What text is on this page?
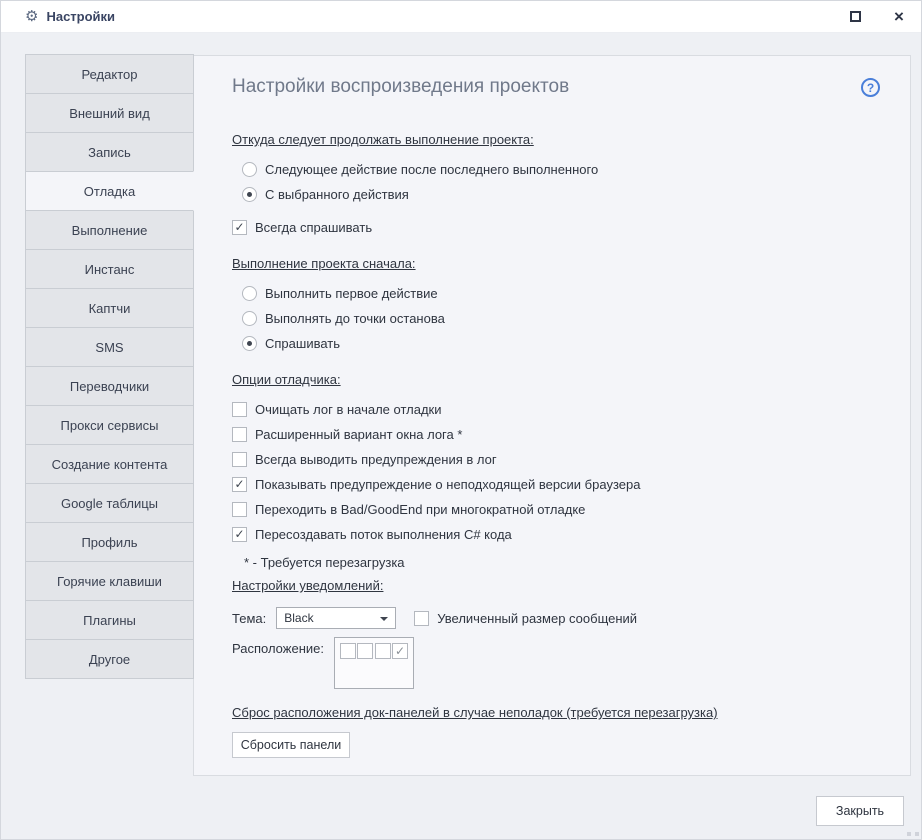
⚙ Настройки	×
Редактор
Внешний вид
Запись
Отладка
Выполнение
Инстанс
Каптчи
SMS
Переводчики
Прокси сервисы
Создание контента
Google таблицы
Профиль
Горячие клавиши
Плагины
Другое
Настройки воспроизведения проектов	?
Откуда следует продолжать выполнение проекта:
Следующее действие после последнего выполненного
С выбранного действия
✓
Всегда спрашивать
Выполнение проекта сначала:
Выполнить первое действие
Выполнять до точки останова
Спрашивать
Опции отладчика:
Очищать лог в начале отладки
Расширенный вариант окна лога *
Всегда выводить предупреждения в лог
✓
Показывать предупреждение о неподходящей версии браузера
Переходить в Bad/GoodEnd при многократной отладке
✓
Пересоздавать поток выполнения C# кода
* - Требуется перезагрузка
Настройки уведомлений:
Тема: Black	Увеличенный размер сообщений
Расположение:
✓
Сброс расположения док-панелей в случае неполадок (требуется перезагрузка)
Сбросить панели
Закрыть
